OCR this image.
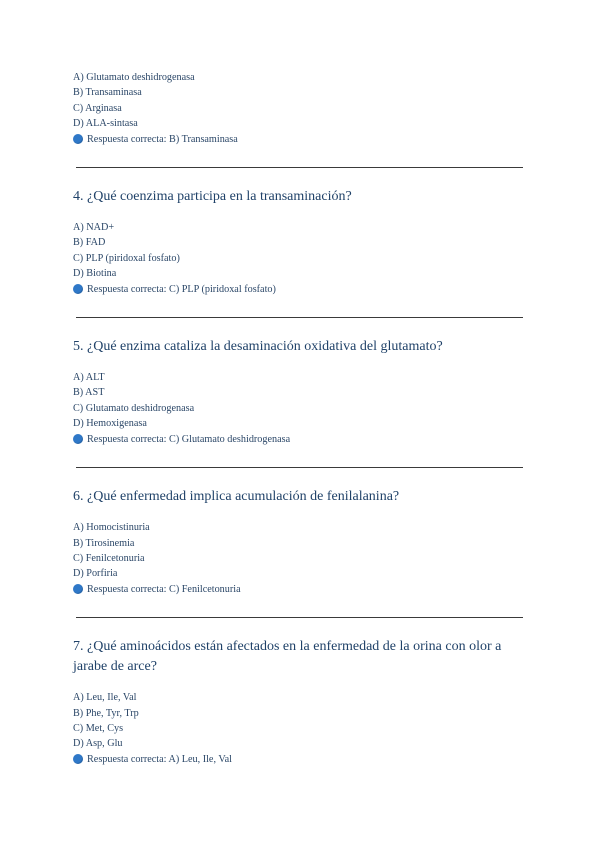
A) Glutamato deshidrogenasa
B) Transaminasa
C) Arginasa
D) ALA-sintasa
Respuesta correcta: B) Transaminasa
4. ¿Qué coenzima participa en la transaminación?
A) NAD+
B) FAD
C) PLP (piridoxal fosfato)
D) Biotina
Respuesta correcta: C) PLP (piridoxal fosfato)
5. ¿Qué enzima cataliza la desaminación oxidativa del glutamato?
A) ALT
B) AST
C) Glutamato deshidrogenasa
D) Hemoxigenasa
Respuesta correcta: C) Glutamato deshidrogenasa
6. ¿Qué enfermedad implica acumulación de fenilalanina?
A) Homocistinuria
B) Tirosinemia
C) Fenilcetonuria
D) Porfiria
Respuesta correcta: C) Fenilcetonuria
7. ¿Qué aminoácidos están afectados en la enfermedad de la orina con olor a jarabe de arce?
A) Leu, Ile, Val
B) Phe, Tyr, Trp
C) Met, Cys
D) Asp, Glu
Respuesta correcta: A) Leu, Ile, Val
